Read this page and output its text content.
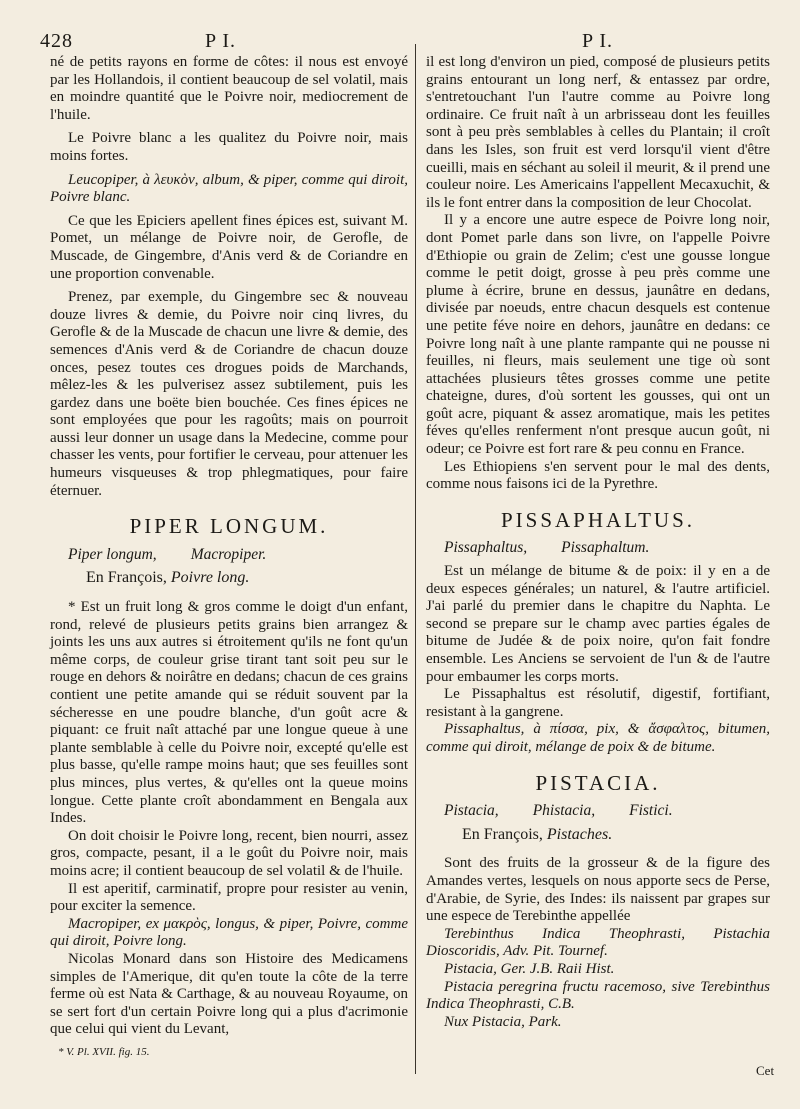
428	P I.	P I.

né de petits rayons en forme de côtes: il nous est envoyé par les Hollandois, il contient beaucoup de sel volatil, mais en moindre quantité que le Poivre noir, mediocrement de l'huile.

Le Poivre blanc a les qualitez du Poivre noir, mais moins fortes.

Leucopiper, à λευκὸν, album, & piper, comme qui diroit, Poivre blanc.

Ce que les Epiciers apellent fines épices est, suivant M. Pomet, un mélange de Poivre noir, de Gerofle, de Muscade, de Gingembre, d'Anis verd & de Coriandre en une proportion convenable.

Prenez, par exemple, du Gingembre sec & nouveau douze livres & demie, du Poivre noir cinq livres, du Gerofle & de la Muscade de chacun une livre & demie, des semences d'Anis verd & de Coriandre de chacun douze onces, pesez toutes ces drogues poids de Marchands, mêlez-les & les pulverisez assez subtilement, puis les gardez dans une boëte bien bouchée. Ces fines épices ne sont employées que pour les ragoûts; mais on pourroit aussi leur donner un usage dans la Medecine, comme pour chasser les vents, pour fortifier le cerveau, pour attenuer les humeurs visqueuses & trop phlegmatiques, pour faire éternuer.

PIPER LONGUM.
Piper longum, Macropiper.
En François, Poivre long.

* Est un fruit long & gros comme le doigt d'un enfant, rond, relevé de plusieurs petits grains bien arrangez & joints les uns aux autres si étroitement qu'ils ne font qu'un même corps, de couleur grise tirant tant soit peu sur le rouge en dehors & noirâtre en dedans; chacun de ces grains contient une petite amande qui se réduit souvent par la sécheresse en une poudre blanche, d'un goût acre & piquant: ce fruit naît attaché par une longue queue à une plante semblable à celle du Poivre noir, excepté qu'elle est plus basse, qu'elle rampe moins haut; que ses feuilles sont plus minces, plus vertes, & qu'elles ont la queue moins longue. Cette plante croît abondamment en Bengala aux Indes.

On doit choisir le Poivre long, recent, bien nourri, assez gros, compacte, pesant, il a le goût du Poivre noir, mais moins acre; il contient beaucoup de sel volatil & de l'huile.

Il est aperitif, carminatif, propre pour resister au venin, pour exciter la semence.

Macropiper, ex μακρὸς, longus, & piper, Poivre, comme qui diroit, Poivre long.

Nicolas Monard dans son Histoire des Medicamens simples de l'Amerique, dit qu'en toute la côte de la terre ferme où est Nata & Carthage, & au nouveau Royaume, on se sert fort d'un certain Poivre long qui a plus d'acrimonie que celui qui vient du Levant,

il est long d'environ un pied, composé de plusieurs petits grains entourant un long nerf, & entassez par ordre, s'entretouchant l'un l'autre comme au Poivre long ordinaire. Ce fruit naît à un arbrisseau dont les feuilles sont à peu près semblables à celles du Plantain; il croît dans les Isles, son fruit est verd lorsqu'il vient d'être cueilli, mais en séchant au soleil il meurit, & il prend une couleur noire. Les Americains l'appellent Mecaxuchit, & ils le font entrer dans la composition de leur Chocolat.

Il y a encore une autre espece de Poivre long noir, dont Pomet parle dans son livre, on l'appelle Poivre d'Ethiopie ou grain de Zelim; c'est une gousse longue comme le petit doigt, grosse à peu près comme une plume à écrire, brune en dessus, jaunâtre en dedans, divisée par noeuds, entre chacun desquels est contenue une petite féve noire en dehors, jaunâtre en dedans: ce Poivre long naît à une plante rampante qui ne pousse ni feuilles, ni fleurs, mais seulement une tige où sont attachées plusieurs têtes grosses comme une petite chateigne, dures, d'où sortent les gousses, qui ont un goût acre, piquant & assez aromatique, mais les petites féves qu'elles renferment n'ont presque aucun goût, ni odeur; ce Poivre est fort rare & peu connu en France.

Les Ethiopiens s'en servent pour le mal des dents, comme nous faisons ici de la Pyrethre.

PISSAPHALTUS.
Pissaphaltus, Pissaphaltum.

Est un mélange de bitume & de poix: il y en a de deux especes générales; un naturel, & l'autre artificiel. J'ai parlé du premier dans le chapitre du Naphta. Le second se prepare sur le champ avec parties égales de bitume de Judée & de poix noire, qu'on fait fondre ensemble. Les Anciens se servoient de l'un & de l'autre pour embaumer les corps morts.

Le Pissaphaltus est résolutif, digestif, fortifiant, resistant à la gangrene.

Pissaphaltus, à πίσσα, pix, & ἄσφαλτος, bitumen, comme qui diroit, mélange de poix & de bitume.

PISTACIA.
Pistacia, Phistacia, Fistici.
En François, Pistaches.

Sont des fruits de la grosseur & de la figure des Amandes vertes, lesquels on nous apporte secs de Perse, d'Arabie, de Syrie, des Indes: ils naissent par grapes sur une espece de Terebinthe appellée

Terebinthus Indica Theophrasti, Pistachia Dioscoridis, Adv. Pit. Tournef.

Pistacia, Ger. J.B. Raii Hist.

Pistacia peregrina fructu racemoso, sive Terebinthus Indica Theophrasti, C.B.

Nux Pistacia, Park.

* V. Pl. XVII. fig. 15.
Cet
